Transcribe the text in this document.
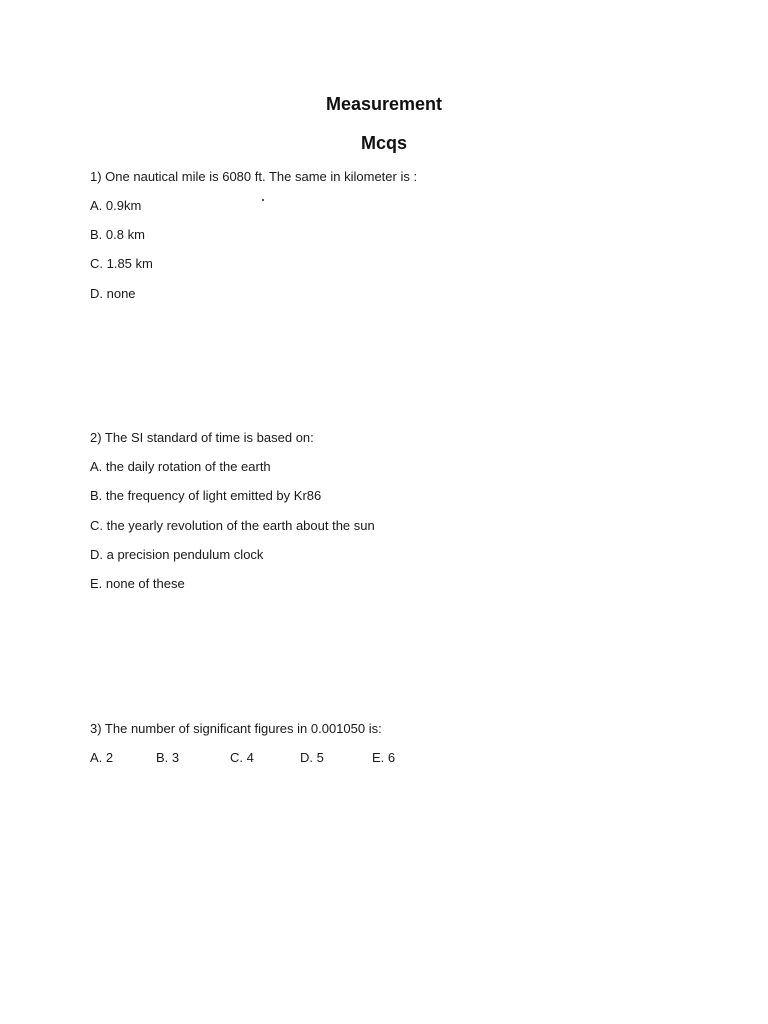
Measurement
Mcqs
1) One nautical mile is 6080 ft. The same in kilometer is :
A. 0.9km
B. 0.8 km
C. 1.85 km
D. none
2) The SI standard of time is based on:
A. the daily rotation of the earth
B. the frequency of light emitted by Kr86
C. the yearly revolution of the earth about the sun
D. a precision pendulum clock
E. none of these
3) The number of significant figures in 0.001050 is:
A. 2	B. 3	C. 4	D. 5	E. 6
